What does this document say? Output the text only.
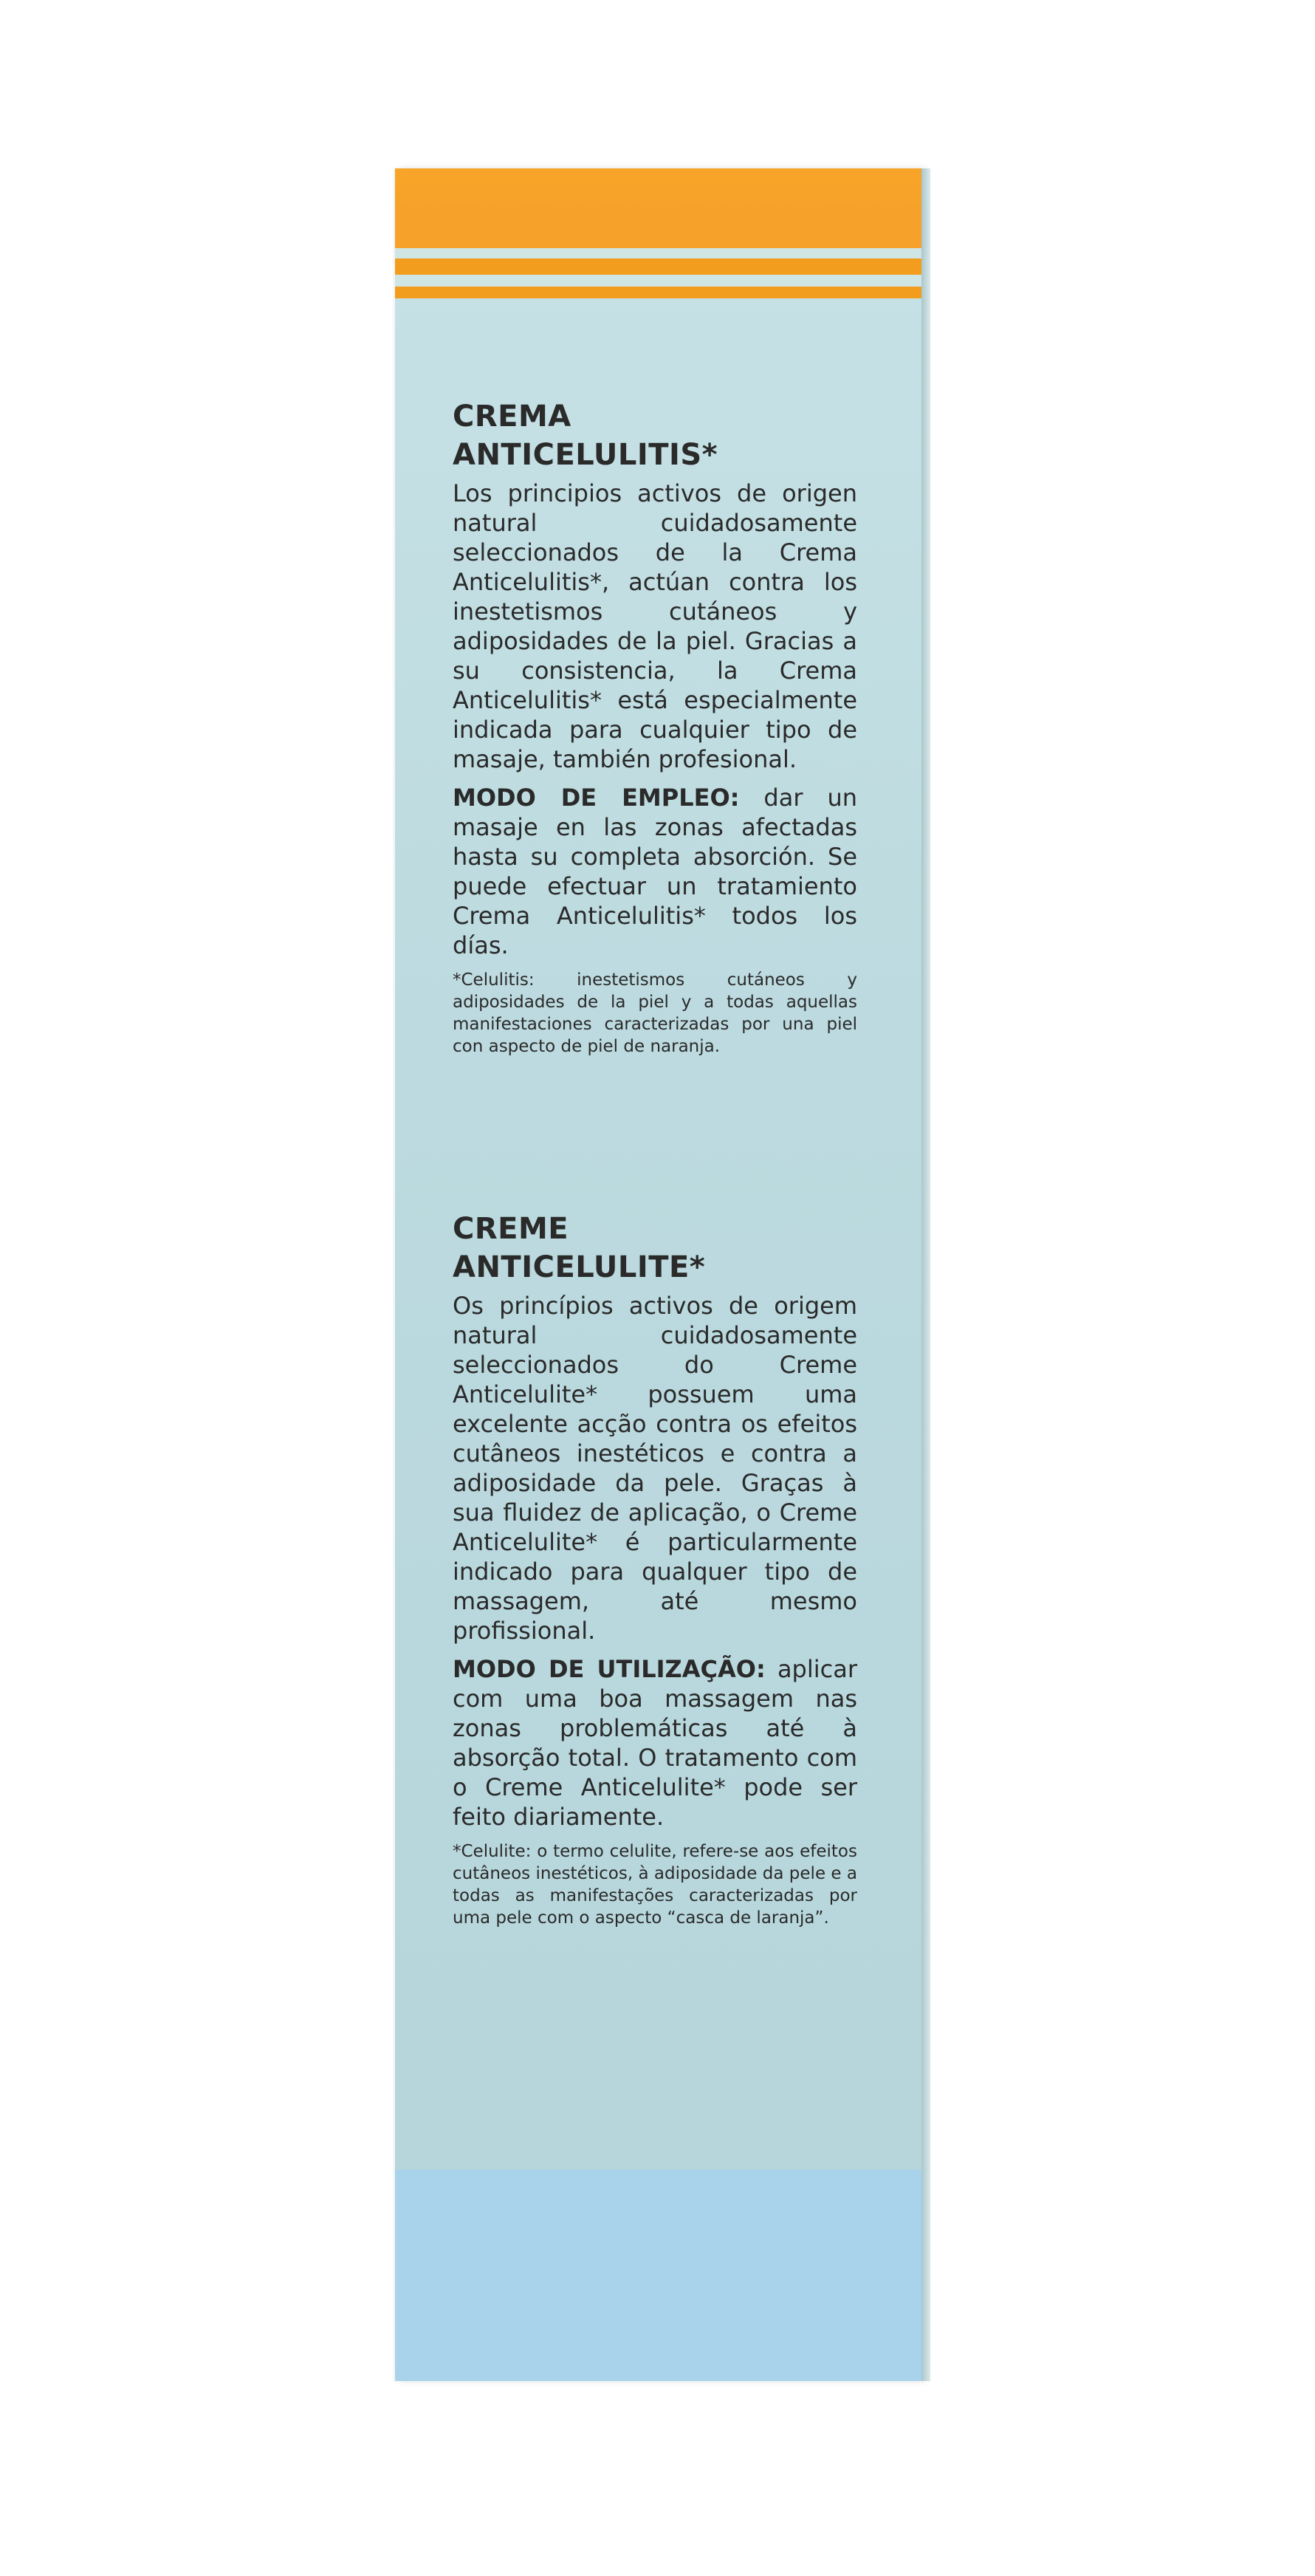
CREMA
ANTICELULITIS*

Los principios activos de origen natural cuidadosamente seleccionados de la Crema Anticelulitis*, actúan contra los inestetismos cutáneos y adiposidades de la piel. Gracias a su consistencia, la Crema Anticelulitis* está especialmente indicada para cualquier tipo de masaje, también profesional.

MODO DE EMPLEO: dar un masaje en las zonas afectadas hasta su completa absorción. Se puede efectuar un tratamiento Crema Anticelulitis* todos los días.

*Celulitis: inestetismos cutáneos y adiposidades de la piel y a todas aquellas manifestaciones caracterizadas por una piel con aspecto de piel de naranja.

CREME
ANTICELULITE*

Os princípios activos de origem natural cuidadosamente seleccionados do Creme Anticelulite* possuem uma excelente acção contra os efeitos cutâneos inestéticos e contra a adiposidade da pele. Graças à sua fluidez de aplicação, o Creme Anticelulite* é particularmente indicado para qualquer tipo de massagem, até mesmo profissional.

MODO DE UTILIZAÇÃO: aplicar com uma boa massagem nas zonas problemáticas até à absorção total. O tratamento com o Creme Anticelulite* pode ser feito diariamente.

*Celulite: o termo celulite, refere-se aos efeitos cutâneos inestéticos, à adiposidade da pele e a todas as manifestações caracterizadas por uma pele com o aspecto “casca de laranja”.
